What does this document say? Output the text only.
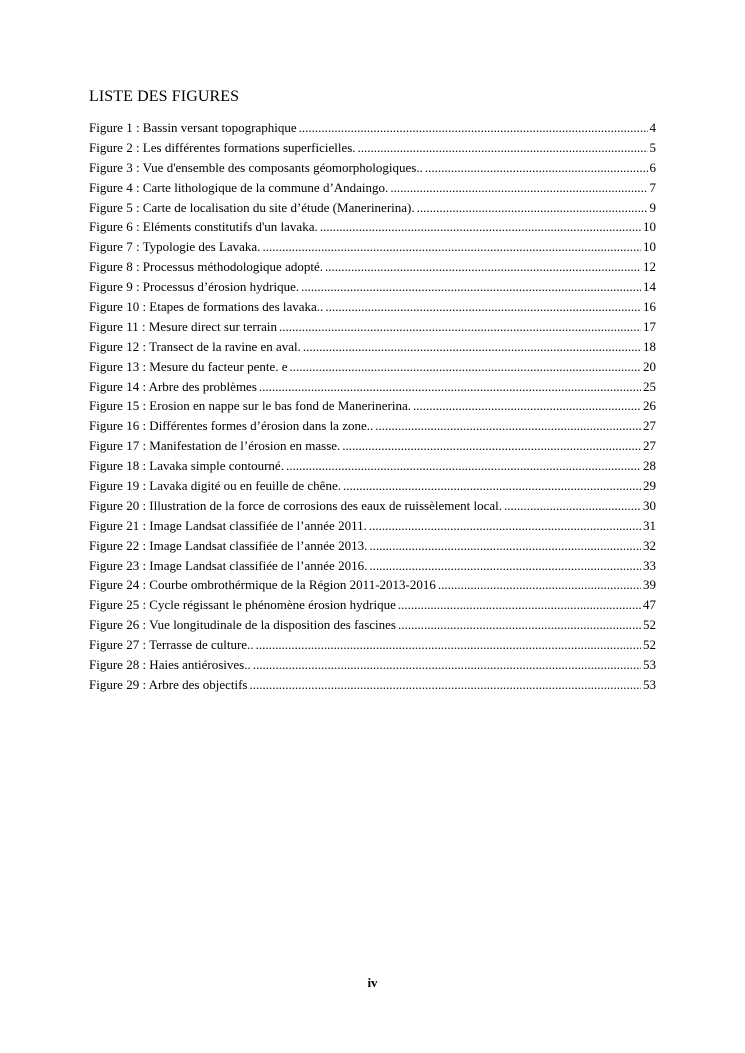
LISTE DES FIGURES
Figure 1 : Bassin versant topographique .....	4
Figure 2 : Les différentes formations superficielles. .....	5
Figure 3 : Vue d'ensemble des composants géomorphologiques.. .....	6
Figure 4 : Carte lithologique de la commune d’Andaingo. .....	7
Figure 5 : Carte de localisation du site d’étude (Manerinerina). .....	9
Figure 6 : Eléments constitutifs d'un lavaka. .....	10
Figure 7 : Typologie des Lavaka. .....	10
Figure 8 : Processus méthodologique adopté. .....	12
Figure 9 : Processus d’érosion hydrique. .....	14
Figure 10 : Etapes de formations des lavaka.. .....	16
Figure 11 : Mesure direct sur terrain .....	17
Figure 12 : Transect de la ravine en aval. .....	18
Figure 13 : Mesure du facteur pente. e .....	20
Figure 14 : Arbre des problèmes .....	25
Figure 15 : Erosion en nappe sur le bas fond de Manerinerina. .....	26
Figure 16 : Différentes formes d’érosion dans la zone.. .....	27
Figure 17 : Manifestation de l’érosion en masse. .....	27
Figure 18 : Lavaka simple contourné. .....	28
Figure 19 : Lavaka digité ou en feuille de chêne. .....	29
Figure 20 : Illustration de la force de corrosions des eaux de ruissèlement local. .....	30
Figure 21 : Image Landsat classifiée de l’année 2011. .....	31
Figure 22 : Image Landsat classifiée de l’année 2013. .....	32
Figure 23 : Image Landsat classifiée de l’année 2016. .....	33
Figure 24 : Courbe ombrothérmique de la Région 2011-2013-2016 .....	39
Figure 25 : Cycle régissant le phénomène érosion hydrique .....	47
Figure 26 : Vue longitudinale de la disposition des fascines .....	52
Figure 27 : Terrasse de culture.. .....	52
Figure 28 : Haies antiérosives.. .....	53
Figure 29 : Arbre des objectifs .....	53
iv
